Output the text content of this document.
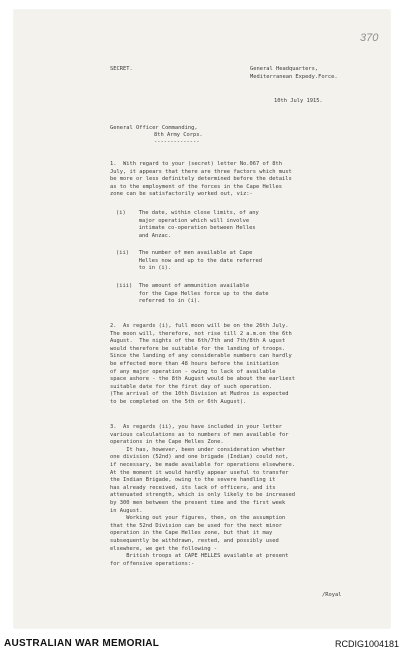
370
SECRET.	General Headquarters,
Mediterranean Expedy.Force.
10th July 1915.
General Officer Commanding,
8th Army Corps.
--------------
1.  With regard to your (secret) letter No.067 of 8th
July, it appears that there are three factors which must
be more or less definitely determined before the details
as to the employment of the forces in the Cape Helles
zone can be satisfactorily worked out, viz:-
(i)    The date, within close limits, of any
major operation which will involve
intimate co-operation between Helles
and Anzac.
(ii)   The number of men available at Cape
Helles now and up to the date referred
to in (i).
(iii)  The amount of ammunition available
for the Cape Helles force up to the date
referred to in (i).
2.  As regards (i), full moon will be on the 26th July.
The moon will, therefore, not rise till 2 a.m.on the 6th
August.  The nights of the 6th/7th and 7th/8th A ugust
would therefore be suitable for the landing of troops.
Since the landing of any considerable numbers can hardly
be effected more than 48 hours before the initiation
of any major operation - owing to lack of available
space ashore - the 8th August would be about the earliest
suitable date for the first day of such operation.
(The arrival of the 10th Division at Mudros is expected
to be completed on the 5th or 6th August).
3.  As regards (ii), you have included in your letter
various calculations as to numbers of men available for
operations in the Cape Helles Zone.
It has, however, been under consideration whether
one division (52nd) and one brigade (Indian) could not,
if necessary, be made available for operations elsewhere.
At the moment it would hardly appear useful to transfer
the Indian Brigade, owing to the severe handling it
has already received, its lack of officers, and its
attenuated strength, which is only likely to be increased
by 300 men between the present time and the first week
in August.
Working out your figures, then, on the assumption
that the 52nd Division can be used for the next minor
operation in the Cape Helles zone, but that it may
subsequently be withdrawn, rested, and possibly used
elsewhere, we get the following -
British troops at CAPE HELLES available at present
for offensive operations:-
/Royal
AUSTRALIAN WAR MEMORIAL	RCDIG1004181
